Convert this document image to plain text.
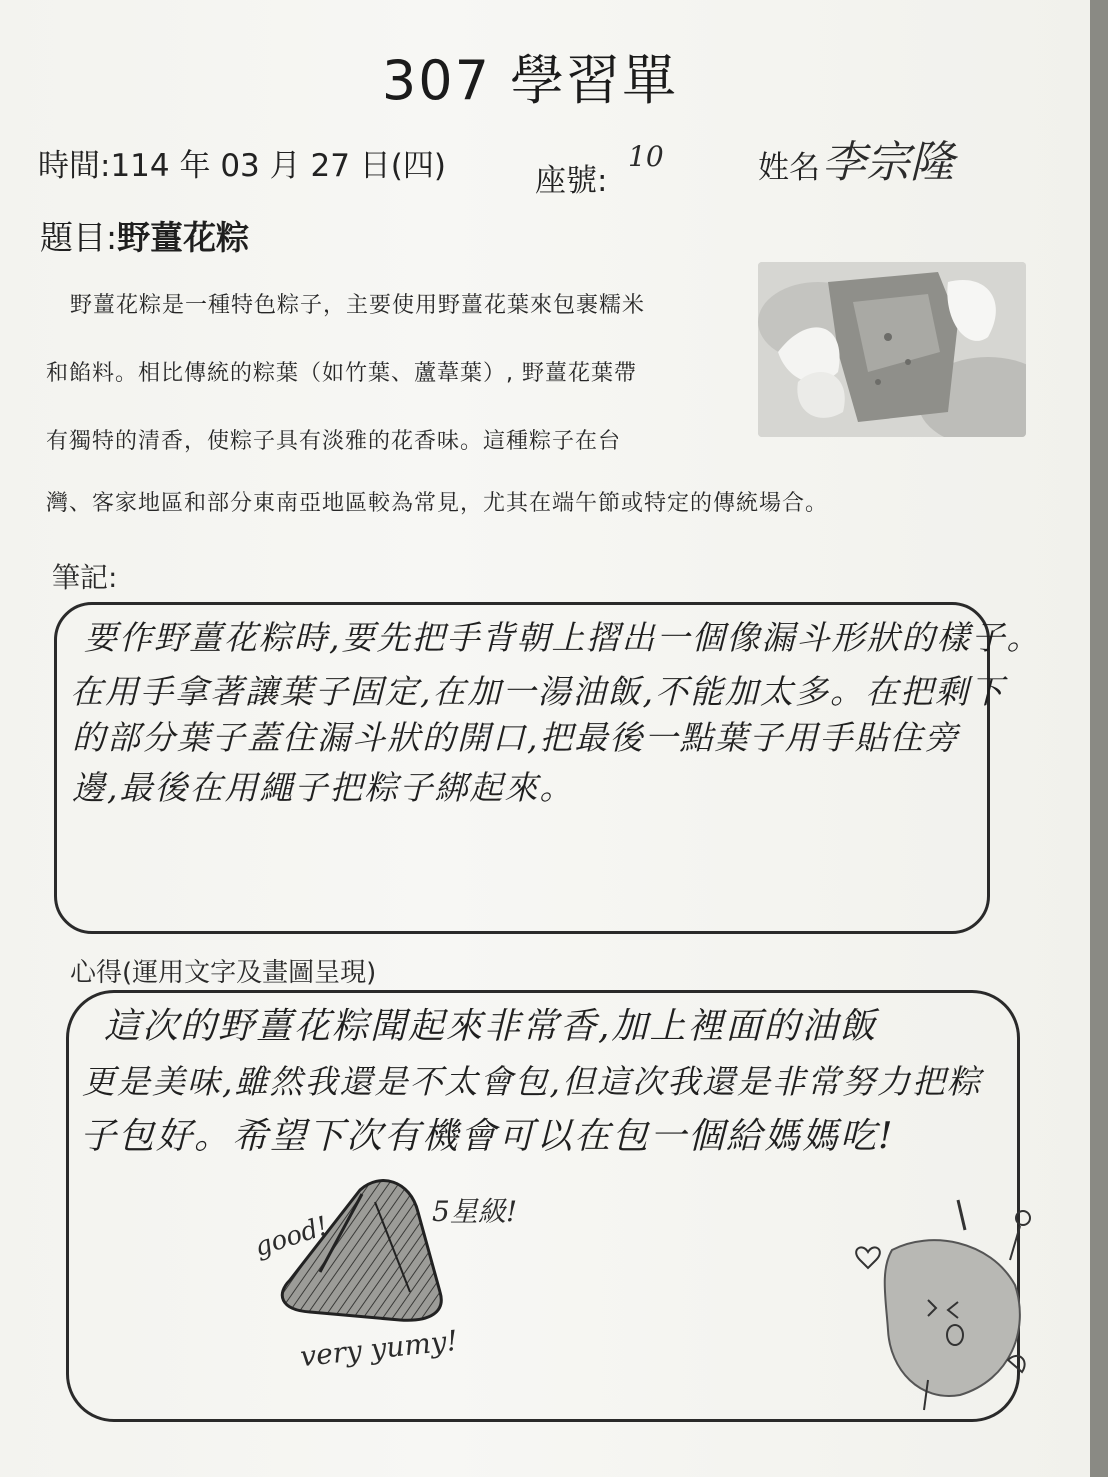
307 學習單
時間:114 年 03 月 27 日(四)	座號:
10	姓名 李宗隆
題目:野薑花粽

野薑花粽是一種特色粽子，主要使用野薑花葉來包裹糯米

和餡料。相比傳統的粽葉（如竹葉、蘆葦葉）, 野薑花葉帶

有獨特的清香，使粽子具有淡雅的花香味。這種粽子在台

灣、客家地區和部分東南亞地區較為常見，尤其在端午節或特定的傳統場合。

筆記:

要作野薑花粽時,要先把手背朝上摺出一個像漏斗形狀的樣子。

在用手拿著讓葉子固定,在加一湯油飯,不能加太多。在把剩下

的部分葉子蓋住漏斗狀的開口,把最後一點葉子用手貼住旁

邊,最後在用繩子把粽子綁起來。

心得(運用文字及畫圖呈現)

這次的野薑花粽聞起來非常香,加上裡面的油飯

更是美味,雖然我還是不太會包,但這次我還是非常努力把粽

子包好。希望下次有機會可以在包一個給媽媽吃!

good!	5星級!
very yumy!
